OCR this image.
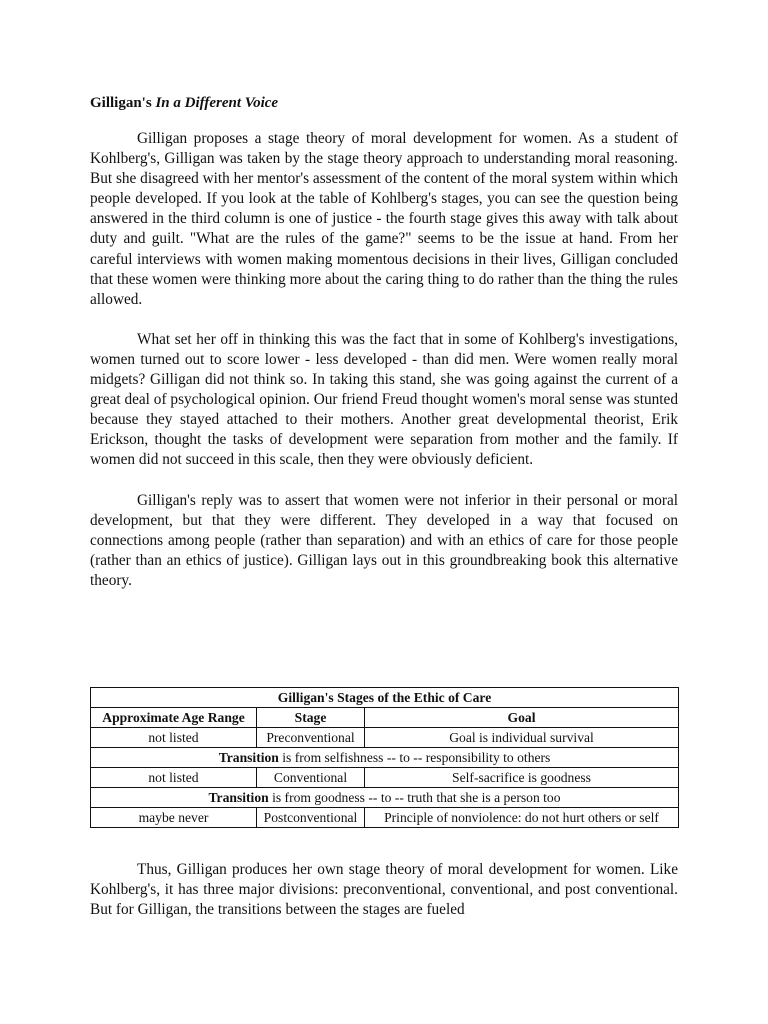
Gilligan's In a Different Voice

Gilligan proposes a stage theory of moral development for women. As a student of Kohlberg's, Gilligan was taken by the stage theory approach to understanding moral reasoning. But she disagreed with her mentor's assessment of the content of the moral system within which people developed. If you look at the table of Kohlberg's stages, you can see the question being answered in the third column is one of justice - the fourth stage gives this away with talk about duty and guilt. "What are the rules of the game?" seems to be the issue at hand. From her careful interviews with women making momentous decisions in their lives, Gilligan concluded that these women were thinking more about the caring thing to do rather than the thing the rules allowed.

What set her off in thinking this was the fact that in some of Kohlberg's investigations, women turned out to score lower - less developed - than did men. Were women really moral midgets? Gilligan did not think so. In taking this stand, she was going against the current of a great deal of psychological opinion. Our friend Freud thought women's moral sense was stunted because they stayed attached to their mothers. Another great developmental theorist, Erik Erickson, thought the tasks of development were separation from mother and the family. If women did not succeed in this scale, then they were obviously deficient.

Gilligan's reply was to assert that women were not inferior in their personal or moral development, but that they were different. They developed in a way that focused on connections among people (rather than separation) and with an ethics of care for those people (rather than an ethics of justice). Gilligan lays out in this groundbreaking book this alternative theory.

Gilligan's Stages of the Ethic of Care		
Approximate Age Range	Stage	Goal
not listed	Preconventional	Goal is individual survival
Transition is from selfishness -- to -- responsibility to others		
not listed	Conventional	Self-sacrifice is goodness
Transition is from goodness -- to -- truth that she is a person too		
maybe never	Postconventional	Principle of nonviolence: do not hurt others or self

Thus, Gilligan produces her own stage theory of moral development for women. Like Kohlberg's, it has three major divisions: preconventional, conventional, and post conventional. But for Gilligan, the transitions between the stages are fueled
